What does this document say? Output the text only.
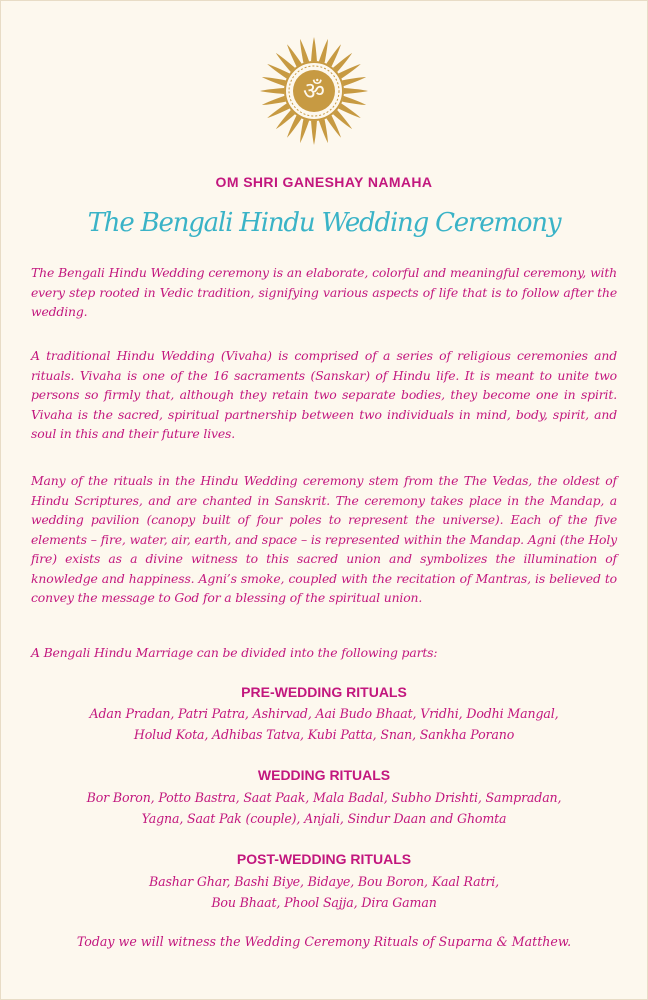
ॐ
OM SHRI GANESHAY NAMAHA
The Bengali Hindu Wedding Ceremony

The Bengali Hindu Wedding ceremony is an elaborate, colorful and meaningful ceremony, with every step rooted in Vedic tradition, signifying various aspects of life that is to follow after the wedding.

A traditional Hindu Wedding (Vivaha) is comprised of a series of religious ceremonies and rituals. Vivaha is one of the 16 sacraments (Sanskar) of Hindu life. It is meant to unite two persons so firmly that, although they retain two separate bodies, they become one in spirit. Vivaha is the sacred, spiritual partnership between two individuals in mind, body, spirit, and soul in this and their future lives.

Many of the rituals in the Hindu Wedding ceremony stem from the The Vedas, the oldest of Hindu Scriptures, and are chanted in Sanskrit. The ceremony takes place in the Mandap, a wedding pavilion (canopy built of four poles to represent the universe). Each of the five elements – fire, water, air, earth, and space – is represented within the Mandap. Agni (the Holy fire) exists as a divine witness to this sacred union and symbolizes the illumination of knowledge and happiness. Agni’s smoke, coupled with the recitation of Mantras, is believed to convey the message to God for a blessing of the spiritual union.

A Bengali Hindu Marriage can be divided into the following parts:

PRE-WEDDING RITUALS
Adan Pradan, Patri Patra, Ashirvad, Aai Budo Bhaat, Vridhi, Dodhi Mangal,
Holud Kota, Adhibas Tatva, Kubi Patta, Snan, Sankha Porano
WEDDING RITUALS
Bor Boron, Potto Bastra, Saat Paak, Mala Badal, Subho Drishti, Sampradan,
Yagna, Saat Pak (couple), Anjali, Sindur Daan and Ghomta
POST-WEDDING RITUALS
Bashar Ghar, Bashi Biye, Bidaye, Bou Boron, Kaal Ratri,
Bou Bhaat, Phool Sajja, Dira Gaman
Today we will witness the Wedding Ceremony Rituals of Suparna & Matthew.
